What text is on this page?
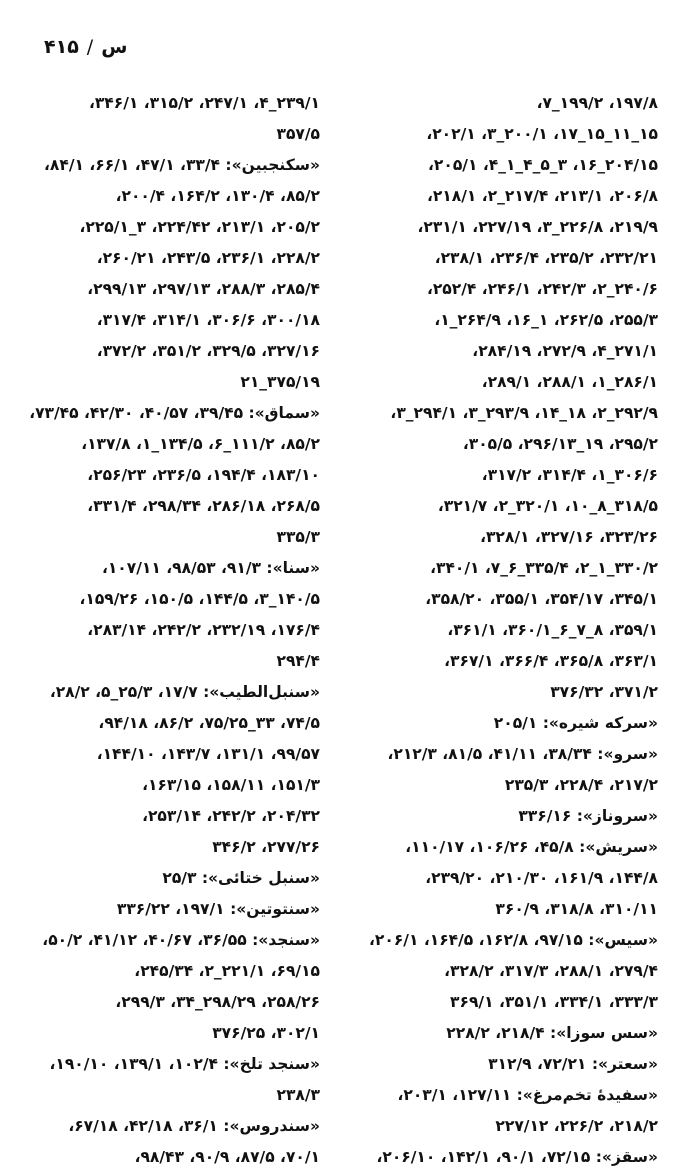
س/۴۱۵
۱۹۷/۸، ۱۹۹/۲_۷،
۱۵_۱۱_۱۵_۱۷، ۲۰۰/۱_۳، ۲۰۲/۱،
۲۰۴/۱۵_۱۶، ۳_۵_۴_۱_۴، ۲۰۵/۱،
۲۰۶/۸، ۲۱۳/۱، ۲۱۷/۴_۲، ۲۱۸/۱،
۲۱۹/۹، ۲۲۶/۸_۳، ۲۲۷/۱۹، ۲۳۱/۱،
۲۳۲/۲۱، ۲۳۵/۲، ۲۳۶/۴، ۲۳۸/۱،
۲۴۰/۶_۲، ۲۴۲/۳، ۲۴۶/۱، ۲۵۲/۴،
۲۵۵/۳، ۲۶۲/۵، ۱_۱۶، ۲۶۴/۹_۱،
۲۷۱/۱_۴، ۲۷۲/۹، ۲۸۴/۱۹،
۲۸۶/۱_۱، ۲۸۸/۱، ۲۸۹/۱،
۲۹۲/۹_۲، ۱۸_۱۴، ۲۹۳/۹_۳، ۲۹۴/۱_۳،
۲۹۵/۲، ۱۹_۲۹۶/۱۳، ۳۰۵/۵،
۳۰۶/۶_۱، ۳۱۴/۴، ۳۱۷/۲،
۳۱۸/۵_۸_۱۰، ۳۲۰/۱_۲، ۳۲۱/۷،
۳۲۳/۲۶، ۳۲۷/۱۶، ۳۲۸/۱،
۳۳۰/۲_۱_۲، ۳۳۵/۴_۶_۷، ۳۴۰/۱،
۳۴۵/۱، ۳۵۴/۱۷، ۳۵۵/۱، ۳۵۸/۲۰،
۳۵۹/۱، ۸_۷_۶_۳۶۰/۱، ۳۶۱/۱،
۳۶۳/۱، ۳۶۵/۸، ۳۶۶/۴، ۳۶۷/۱،
۳۷۱/۲، ۳۷۶/۳۲
«سرکه شیره»: ۲۰۵/۱
«سرو»: ۳۸/۳۴، ۴۱/۱۱، ۸۱/۵، ۲۱۲/۳،
۲۱۷/۲، ۲۲۸/۴، ۲۳۵/۳
«سروناز»: ۳۳۶/۱۶
«سریش»: ۴۵/۸، ۱۰۶/۲۶، ۱۱۰/۱۷،
۱۴۴/۸، ۱۶۱/۹، ۲۱۰/۳۰، ۲۳۹/۲۰،
۳۱۰/۱۱، ۳۱۸/۸، ۳۶۰/۹
«سیس»: ۹۷/۱۵، ۱۶۲/۸، ۱۶۴/۵، ۲۰۶/۱،
۲۷۹/۴، ۲۸۸/۱، ۳۱۷/۳، ۳۲۸/۲،
۳۳۳/۳، ۳۳۴/۱، ۳۵۱/۱، ۳۶۹/۱
«سس سوزا»: ۲۱۸/۴، ۲۲۸/۲
«سعتر»: ۷۲/۲۱، ۳۱۲/۹
«سفیدهٔ تخم‌مرغ»: ۱۲۷/۱۱، ۲۰۳/۱،
۲۱۸/۲، ۲۲۶/۲، ۲۲۷/۱۲
«سقز»: ۷۲/۱۵، ۹۰/۱، ۱۴۲/۱، ۲۰۶/۱۰،
۲۳۹/۱_۴، ۲۴۷/۱، ۳۱۵/۲، ۳۴۶/۱،
۳۵۷/۵
«سکنجبین»: ۳۳/۴، ۴۷/۱، ۶۶/۱، ۸۴/۱،
۸۵/۲، ۱۳۰/۴، ۱۶۴/۲، ۲۰۰/۴،
۲۰۵/۲، ۲۱۳/۱، ۲۲۴/۴۲، ۳_۲۲۵/۱،
۲۲۸/۲، ۲۳۶/۱، ۲۴۳/۵، ۲۶۰/۲۱،
۲۸۵/۴، ۲۸۸/۳، ۲۹۷/۱۳، ۲۹۹/۱۳،
۳۰۰/۱۸، ۳۰۶/۶، ۳۱۴/۱، ۳۱۷/۴،
۳۲۷/۱۶، ۳۲۹/۵، ۳۵۱/۲، ۳۷۲/۲،
۳۷۵/۱۹_۲۱
«سماق»: ۳۹/۴۵، ۴۰/۵۷، ۴۲/۳۰، ۷۳/۴۵،
۸۵/۲، ۱۱۱/۲_۶، ۱۳۴/۵_۱، ۱۳۷/۸،
۱۸۳/۱۰، ۱۹۴/۴، ۲۳۶/۵، ۲۵۶/۲۳،
۲۶۸/۵، ۲۸۶/۱۸، ۲۹۸/۳۴، ۳۳۱/۴،
۳۳۵/۳
«سنا»: ۹۱/۳، ۹۸/۵۳، ۱۰۷/۱۱،
۱۴۰/۵_۳، ۱۴۴/۵، ۱۵۰/۵، ۱۵۹/۲۶،
۱۷۶/۴، ۲۳۲/۱۹، ۲۴۲/۲، ۲۸۳/۱۴،
۲۹۴/۴
«سنبل‌الطیب»: ۱۷/۷، ۲۵/۳_۵، ۲۸/۲،
۷۴/۵، ۳۳_۷۵/۲۵، ۸۶/۲، ۹۴/۱۸،
۹۹/۵۷، ۱۳۱/۱، ۱۴۳/۷، ۱۴۴/۱۰،
۱۵۱/۳، ۱۵۸/۱۱، ۱۶۳/۱۵،
۲۰۴/۳۲، ۲۴۲/۲، ۲۵۳/۱۴،
۲۷۷/۲۶، ۳۴۶/۲
«سنبل ختائی»: ۲۵/۳
«سنتوتین»: ۱۹۷/۱، ۳۳۶/۲۲
«سنجد»: ۳۶/۵۵، ۴۰/۶۷، ۴۱/۱۲، ۵۰/۲،
۶۹/۱۵، ۲۲۱/۱_۲، ۲۴۵/۳۴،
۲۵۸/۲۶، ۲۹۸/۲۹_۳۴، ۲۹۹/۳،
۳۰۲/۱، ۳۷۶/۲۵
«سنجد تلخ»: ۱۰۲/۴، ۱۳۹/۱، ۱۹۰/۱۰،
۲۳۸/۳
«سندروس»: ۳۶/۱، ۴۲/۱۸، ۶۷/۱۸،
۷۰/۱، ۸۷/۵، ۹۰/۹، ۹۸/۴۳،
